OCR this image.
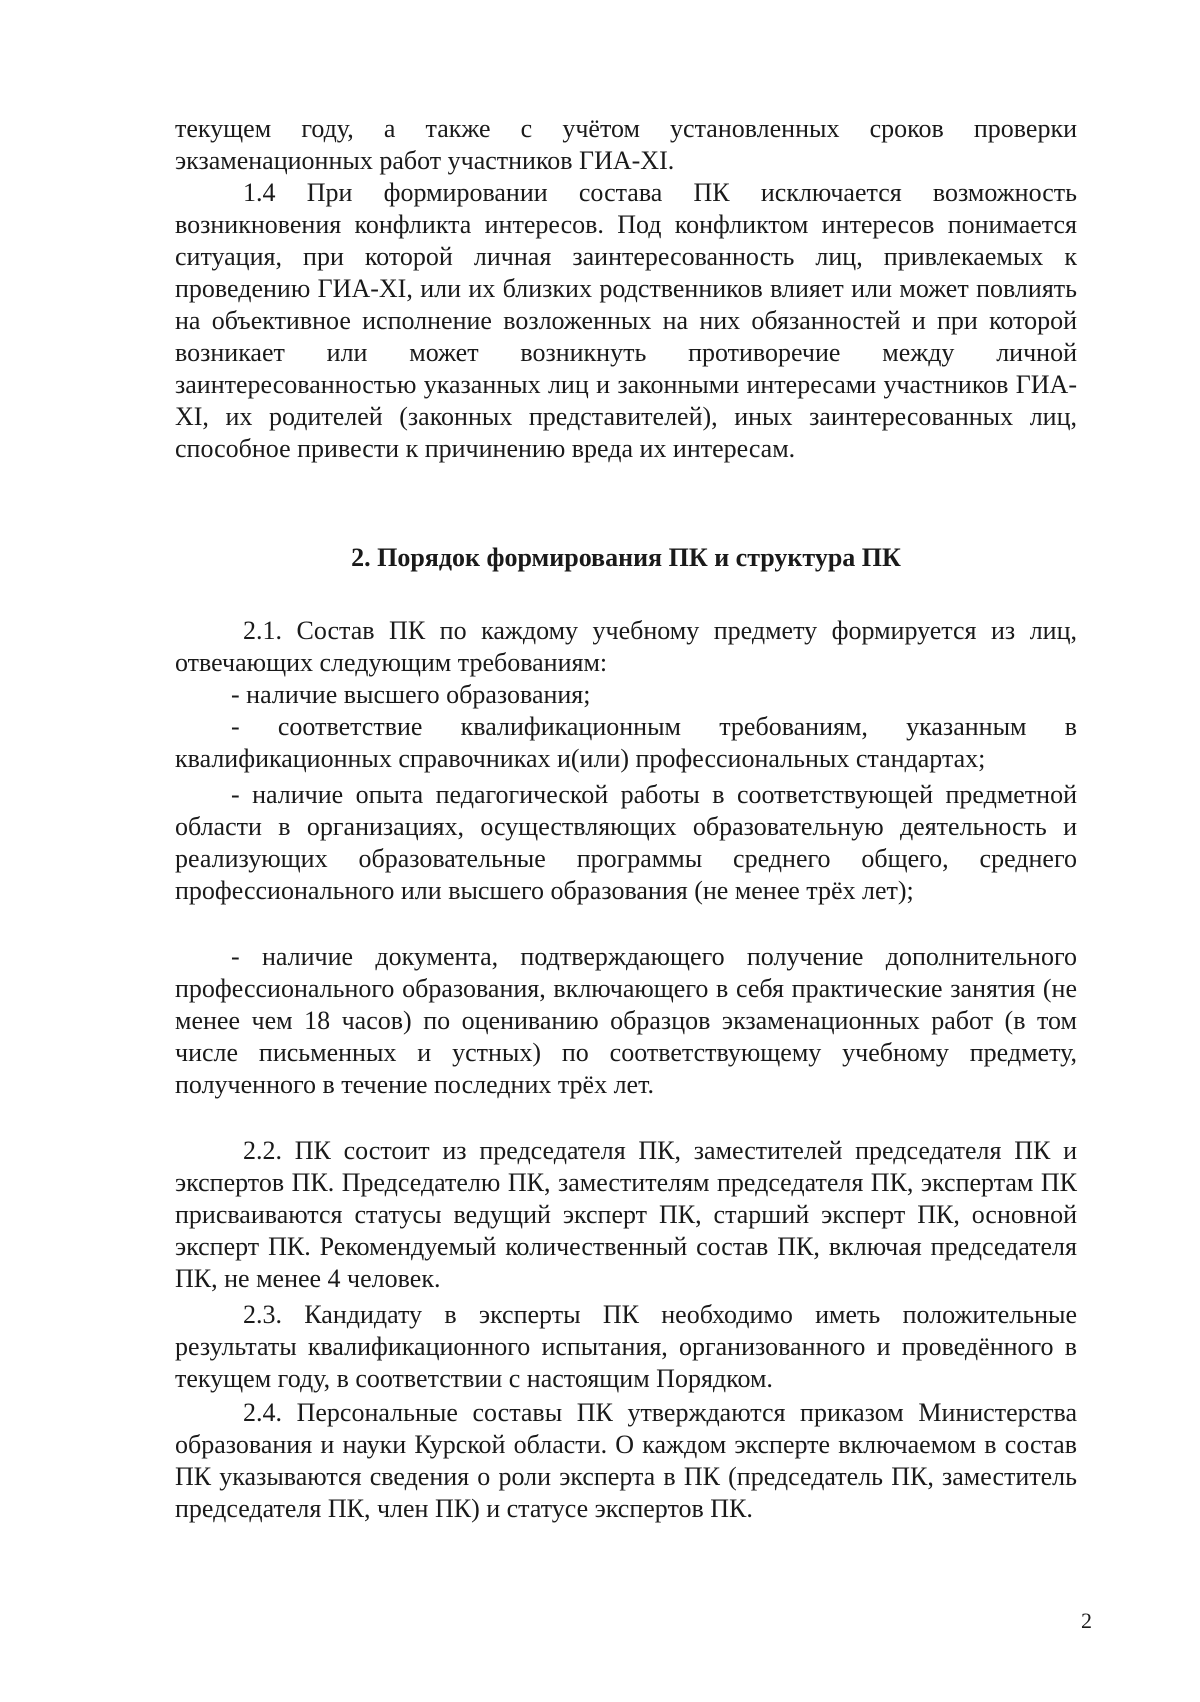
текущем году, а также с учётом установленных сроков проверки экзаменационных работ участников ГИА-XI.

1.4 При формировании состава ПК исключается возможность возникновения конфликта интересов. Под конфликтом интересов понимается ситуация, при которой личная заинтересованность лиц, привлекаемых к проведению ГИА-XI, или их близких родственников влияет или может повлиять на объективное исполнение возложенных на них обязанностей и при которой возникает или может возникнуть противоречие между личной заинтересованностью указанных лиц и законными интересами участников ГИА-XI, их родителей (законных представителей), иных заинтересованных лиц, способное привести к причинению вреда их интересам.

2. Порядок формирования ПК и структура ПК

2.1. Состав ПК по каждому учебному предмету формируется из лиц, отвечающих следующим требованиям:

- наличие высшего образования;

- соответствие квалификационным требованиям, указанным в квалификационных справочниках и(или) профессиональных стандартах;

- наличие опыта педагогической работы в соответствующей предметной области в организациях, осуществляющих образовательную деятельность и реализующих образовательные программы среднего общего, среднего профессионального или высшего образования (не менее трёх лет);

- наличие документа, подтверждающего получение дополнительного профессионального образования, включающего в себя практические занятия (не менее чем 18 часов) по оцениванию образцов экзаменационных работ (в том числе письменных и устных) по соответствующему учебному предмету, полученного в течение последних трёх лет.

2.2. ПК состоит из председателя ПК, заместителей председателя ПК и экспертов ПК. Председателю ПК, заместителям председателя ПК, экспертам ПК присваиваются статусы ведущий эксперт ПК, старший эксперт ПК, основной эксперт ПК. Рекомендуемый количественный состав ПК, включая председателя ПК, не менее 4 человек.

2.3. Кандидату в эксперты ПК необходимо иметь положительные результаты квалификационного испытания, организованного и проведённого в текущем году, в соответствии с настоящим Порядком.

2.4. Персональные составы ПК утверждаются приказом Министерства образования и науки Курской области. О каждом эксперте включаемом в состав ПК указываются сведения о роли эксперта в ПК (председатель ПК, заместитель председателя ПК, член ПК) и статусе экспертов ПК.

2
